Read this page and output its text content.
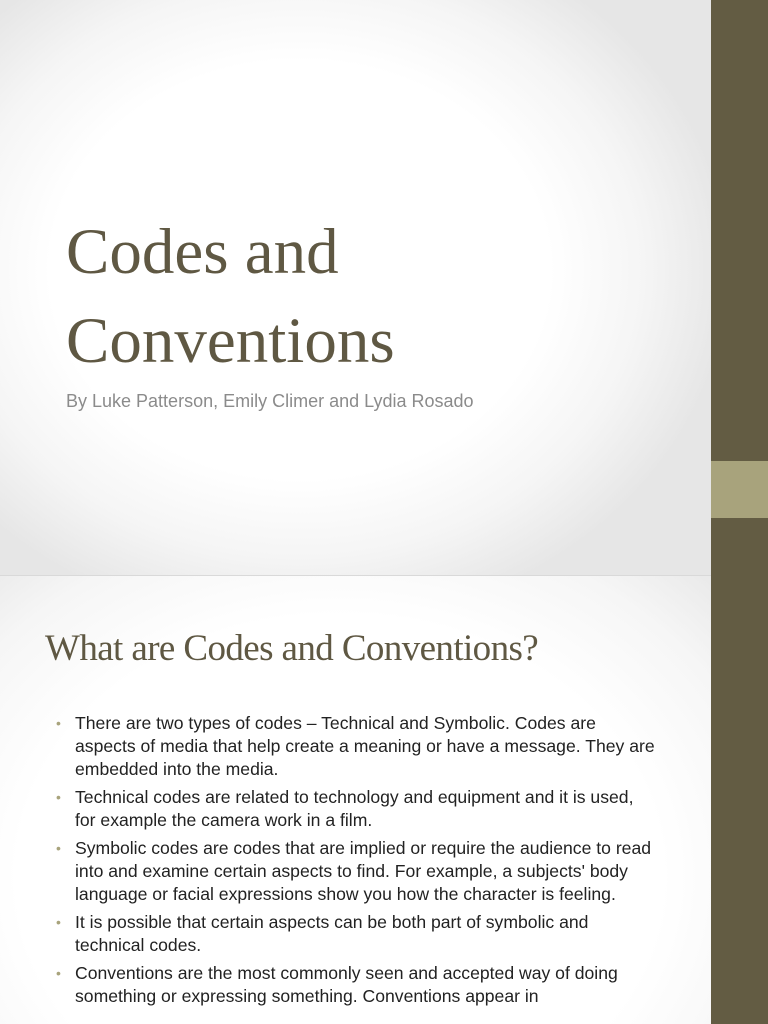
Codes and
Conventions

By Luke Patterson, Emily Climer and Lydia Rosado

What are Codes and Conventions?
• There are two types of codes – Technical and Symbolic. Codes are aspects of media that help create a meaning or have a message. They are embedded into the media.
• Technical codes are related to technology and equipment and it is used, for example the camera work in a film.
• Symbolic codes are codes that are implied or require the audience to read into and examine certain aspects to find. For example, a subjects' body language or facial expressions show you how the character is feeling.
• It is possible that certain aspects can be both part of symbolic and technical codes.
• Conventions are the most commonly seen and accepted way of doing something or expressing something. Conventions appear in
